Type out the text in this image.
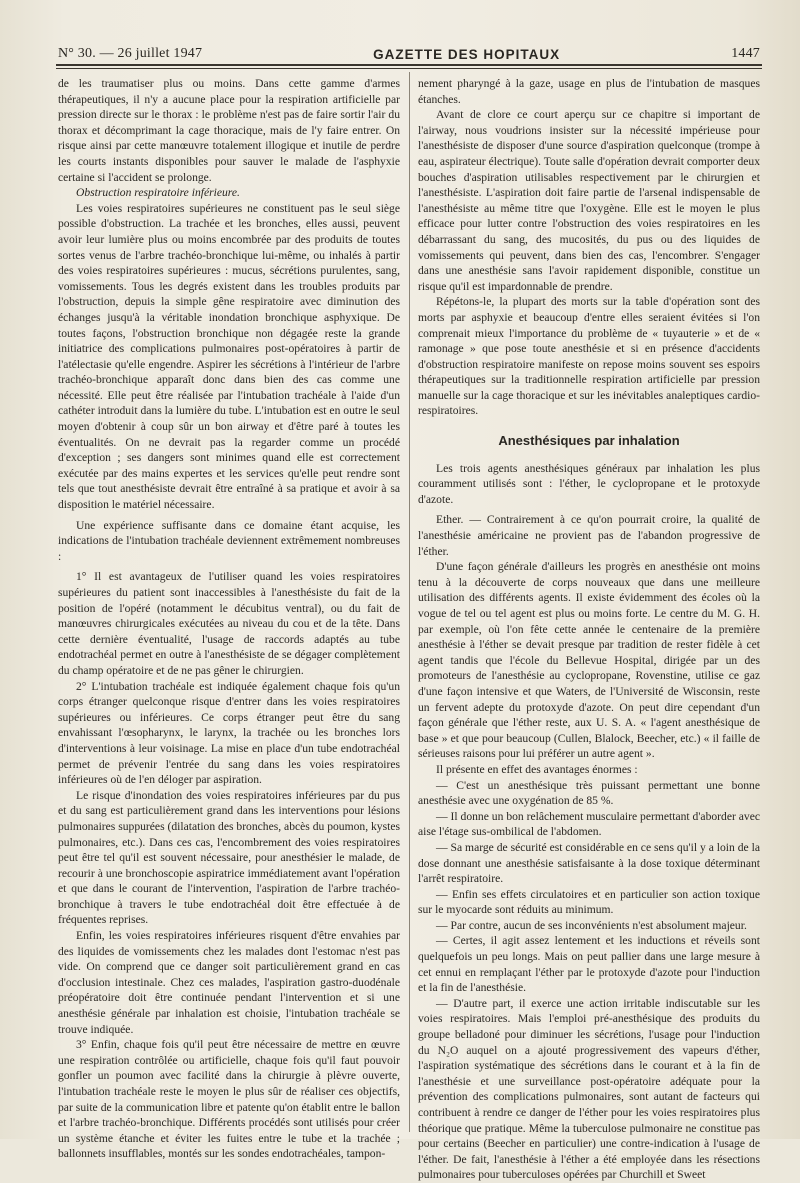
N° 30. — 26 juillet 1947	GAZETTE DES HOPITAUX	1447

de les traumatiser plus ou moins. Dans cette gamme d'armes thérapeutiques, il n'y a aucune place pour la respiration artificielle par pression directe sur le thorax : le problème n'est pas de faire sortir l'air du thorax et décomprimant la cage thoracique, mais de l'y faire entrer. On risque ainsi par cette manœuvre totalement illogique et inutile de perdre les courts instants disponibles pour sauver le malade de l'asphyxie certaine si l'accident se prolonge.

Obstruction respiratoire inférieure.

Les voies respiratoires supérieures ne constituent pas le seul siège possible d'obstruction. La trachée et les bronches, elles aussi, peuvent avoir leur lumière plus ou moins encombrée par des produits de toutes sortes venus de l'arbre trachéo-bronchique lui-même, ou inhalés à partir des voies respiratoires supérieures : mucus, sécrétions purulentes, sang, vomissements. Tous les degrés existent dans les troubles produits par l'obstruction, depuis la simple gêne respiratoire avec diminution des échanges jusqu'à la véritable inondation bronchique asphyxique. De toutes façons, l'obstruction bronchique non dégagée reste la grande initiatrice des complications pulmonaires post-opératoires à partir de l'atélectasie qu'elle engendre. Aspirer les sécrétions à l'intérieur de l'arbre trachéo-bronchique apparaît donc dans bien des cas comme une nécessité. Elle peut être réalisée par l'intubation trachéale à l'aide d'un cathéter introduit dans la lumière du tube. L'intubation est en outre le seul moyen d'obtenir à coup sûr un bon airway et d'être paré à toutes les éventualités. On ne devrait pas la regarder comme un procédé d'exception ; ses dangers sont minimes quand elle est correctement exécutée par des mains expertes et les services qu'elle peut rendre sont tels que tout anesthésiste devrait être entraîné à sa pratique et avoir à sa disposition le matériel nécessaire.

Une expérience suffisante dans ce domaine étant acquise, les indications de l'intubation trachéale deviennent extrêmement nombreuses :

1° Il est avantageux de l'utiliser quand les voies respiratoires supérieures du patient sont inaccessibles à l'anesthésiste du fait de la position de l'opéré (notamment le décubitus ventral), ou du fait de manœuvres chirurgicales exécutées au niveau du cou et de la tête. Dans cette dernière éventualité, l'usage de raccords adaptés au tube endotrachéal permet en outre à l'anesthésiste de se dégager complètement du champ opératoire et de ne pas gêner le chirurgien.

2° L'intubation trachéale est indiquée également chaque fois qu'un corps étranger quelconque risque d'entrer dans les voies respiratoires supérieures ou inférieures. Ce corps étranger peut être du sang envahissant l'œsopharynx, le larynx, la trachée ou les bronches lors d'interventions à leur voisinage. La mise en place d'un tube endotrachéal permet de prévenir l'entrée du sang dans les voies respiratoires inférieures où de l'en déloger par aspiration.

Le risque d'inondation des voies respiratoires inférieures par du pus et du sang est particulièrement grand dans les interventions pour lésions pulmonaires suppurées (dilatation des bronches, abcès du poumon, kystes pulmonaires, etc.). Dans ces cas, l'encombrement des voies respiratoires peut être tel qu'il est souvent nécessaire, pour anesthésier le malade, de recourir à une bronchoscopie aspiratrice immédiatement avant l'opération et que dans le courant de l'intervention, l'aspiration de l'arbre trachéo-bronchique à travers le tube endotrachéal doit être effectuée à de fréquentes reprises.

Enfin, les voies respiratoires inférieures risquent d'être envahies par des liquides de vomissements chez les malades dont l'estomac n'est pas vide. On comprend que ce danger soit particulièrement grand en cas d'occlusion intestinale. Chez ces malades, l'aspiration gastro-duodénale préopératoire doit être continuée pendant l'intervention et si une anesthésie générale par inhalation est choisie, l'intubation trachéale se trouve indiquée.

3° Enfin, chaque fois qu'il peut être nécessaire de mettre en œuvre une respiration contrôlée ou artificielle, chaque fois qu'il faut pouvoir gonfler un poumon avec facilité dans la chirurgie à plèvre ouverte, l'intubation trachéale reste le moyen le plus sûr de réaliser ces objectifs, par suite de la communication libre et patente qu'on établit entre le ballon et l'arbre trachéo-bronchique. Différents procédés sont utilisés pour créer un système étanche et éviter les fuites entre le tube et la trachée ; ballonnets insufflables, montés sur les sondes endotrachéales, tampon-

nement pharyngé à la gaze, usage en plus de l'intubation de masques étanches.

Avant de clore ce court aperçu sur ce chapitre si important de l'airway, nous voudrions insister sur la nécessité impérieuse pour l'anesthésiste de disposer d'une source d'aspiration quelconque (trompe à eau, aspirateur électrique). Toute salle d'opération devrait comporter deux bouches d'aspiration utilisables respectivement par le chirurgien et l'anesthésiste. L'aspiration doit faire partie de l'arsenal indispensable de l'anesthésiste au même titre que l'oxygène. Elle est le moyen le plus efficace pour lutter contre l'obstruction des voies respiratoires en les débarrassant du sang, des mucosités, du pus ou des liquides de vomissements qui peuvent, dans bien des cas, l'encombrer. S'engager dans une anesthésie sans l'avoir rapidement disponible, constitue un risque qu'il est impardonnable de prendre.

Répétons-le, la plupart des morts sur la table d'opération sont des morts par asphyxie et beaucoup d'entre elles seraient évitées si l'on comprenait mieux l'importance du problème de « tuyauterie » et de « ramonage » que pose toute anesthésie et si en présence d'accidents d'obstruction respiratoire manifeste on repose moins souvent ses espoirs thérapeutiques sur la traditionnelle respiration artificielle par pression manuelle sur la cage thoracique et sur les inévitables analeptiques cardio-respiratoires.

Anesthésiques par inhalation

Les trois agents anesthésiques généraux par inhalation les plus couramment utilisés sont : l'éther, le cyclopropane et le protoxyde d'azote.

Ether. — Contrairement à ce qu'on pourrait croire, la qualité de l'anesthésie américaine ne provient pas de l'abandon progressive de l'éther.

D'une façon générale d'ailleurs les progrès en anesthésie ont moins tenu à la découverte de corps nouveaux que dans une meilleure utilisation des différents agents. Il existe évidemment des écoles où la vogue de tel ou tel agent est plus ou moins forte. Le centre du M. G. H. par exemple, où l'on fête cette année le centenaire de la première anesthésie à l'éther se devait presque par tradition de rester fidèle à cet agent tandis que l'école du Bellevue Hospital, dirigée par un des promoteurs de l'anesthésie au cyclopropane, Rovenstine, utilise ce gaz d'une façon intensive et que Waters, de l'Université de Wisconsin, reste un fervent adepte du protoxyde d'azote. On peut dire cependant d'un façon générale que l'éther reste, aux U. S. A. « l'agent anesthésique de base » et que pour beaucoup (Cullen, Blalock, Beecher, etc.) « il faille de sérieuses raisons pour lui préférer un autre agent ».

Il présente en effet des avantages énormes :

— C'est un anesthésique très puissant permettant une bonne anesthésie avec une oxygénation de 85 %.

— Il donne un bon relâchement musculaire permettant d'aborder avec aise l'étage sus-ombilical de l'abdomen.

— Sa marge de sécurité est considérable en ce sens qu'il y a loin de la dose donnant une anesthésie satisfaisante à la dose toxique déterminant l'arrêt respiratoire.

— Enfin ses effets circulatoires et en particulier son action toxique sur le myocarde sont réduits au minimum.

— Par contre, aucun de ses inconvénients n'est absolument majeur.

— Certes, il agit assez lentement et les inductions et réveils sont quelquefois un peu longs. Mais on peut pallier dans une large mesure à cet ennui en remplaçant l'éther par le protoxyde d'azote pour l'induction et la fin de l'anesthésie.

— D'autre part, il exerce une action irritable indiscutable sur les voies respiratoires. Mais l'emploi pré-anesthésique des produits du groupe belladoné pour diminuer les sécrétions, l'usage pour l'induction du N₂O auquel on a ajouté progressivement des vapeurs d'éther, l'aspiration systématique des sécrétions dans le courant et à la fin de l'anesthésie et une surveillance post-opératoire adéquate pour la prévention des complications pulmonaires, sont autant de facteurs qui contribuent à rendre ce danger de l'éther pour les voies respiratoires plus théorique que pratique. Même la tuberculose pulmonaire ne constitue pas pour certains (Beecher en particulier) une contre-indication à l'usage de l'éther. De fait, l'anesthésie à l'éther a été employée dans les résections pulmonaires pour tuberculoses opérées par Churchill et Sweet
